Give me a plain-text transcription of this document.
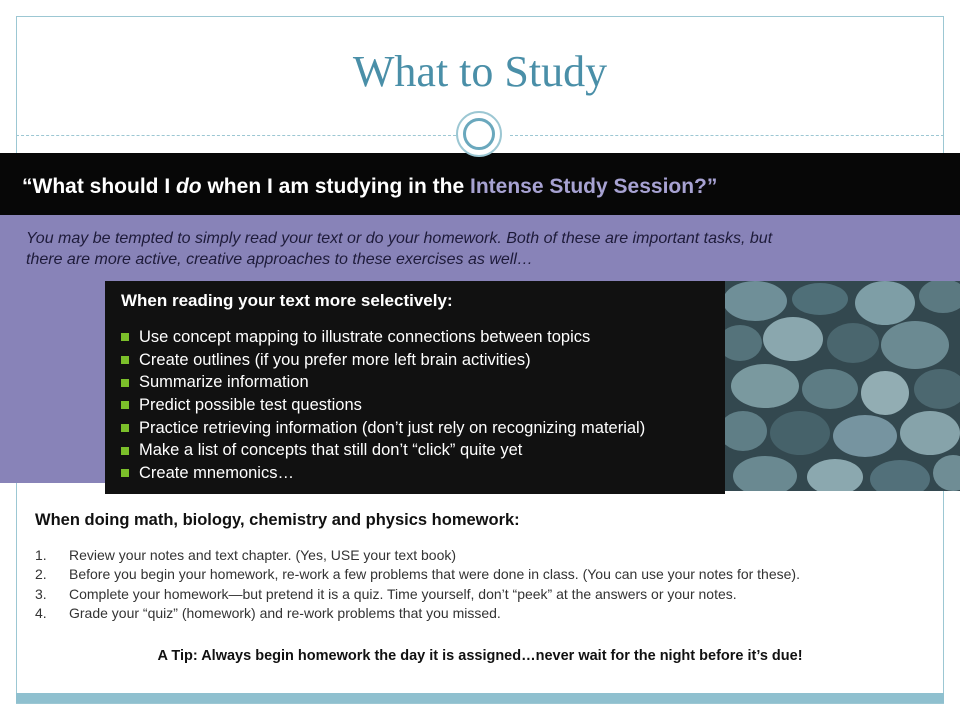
What to Study
“What should I do when I am studying in the Intense Study Session?”
You may be tempted to simply read your text or do your homework. Both of these are important tasks, but
there are more active, creative approaches to these exercises as well…
When reading your text more selectively:
Use concept mapping to illustrate connections between topics
Create outlines (if you prefer more left brain activities)
Summarize information
Predict possible test questions
Practice retrieving information (don’t just rely on recognizing material)
Make a list of concepts that still don’t “click” quite yet
Create mnemonics…
When doing math, biology, chemistry and physics homework:
1.	Review your notes and text chapter. (Yes, USE your text book)
2.	Before you begin your homework, re-work a few problems that were done in class. (You can use your notes for these).
3.	Complete your homework—but pretend it is a quiz. Time yourself, don’t “peek” at the answers or your notes.
4.	Grade your “quiz” (homework) and re-work problems that you missed.
A Tip: Always begin homework the day it is assigned…never wait for the night before it’s due!
